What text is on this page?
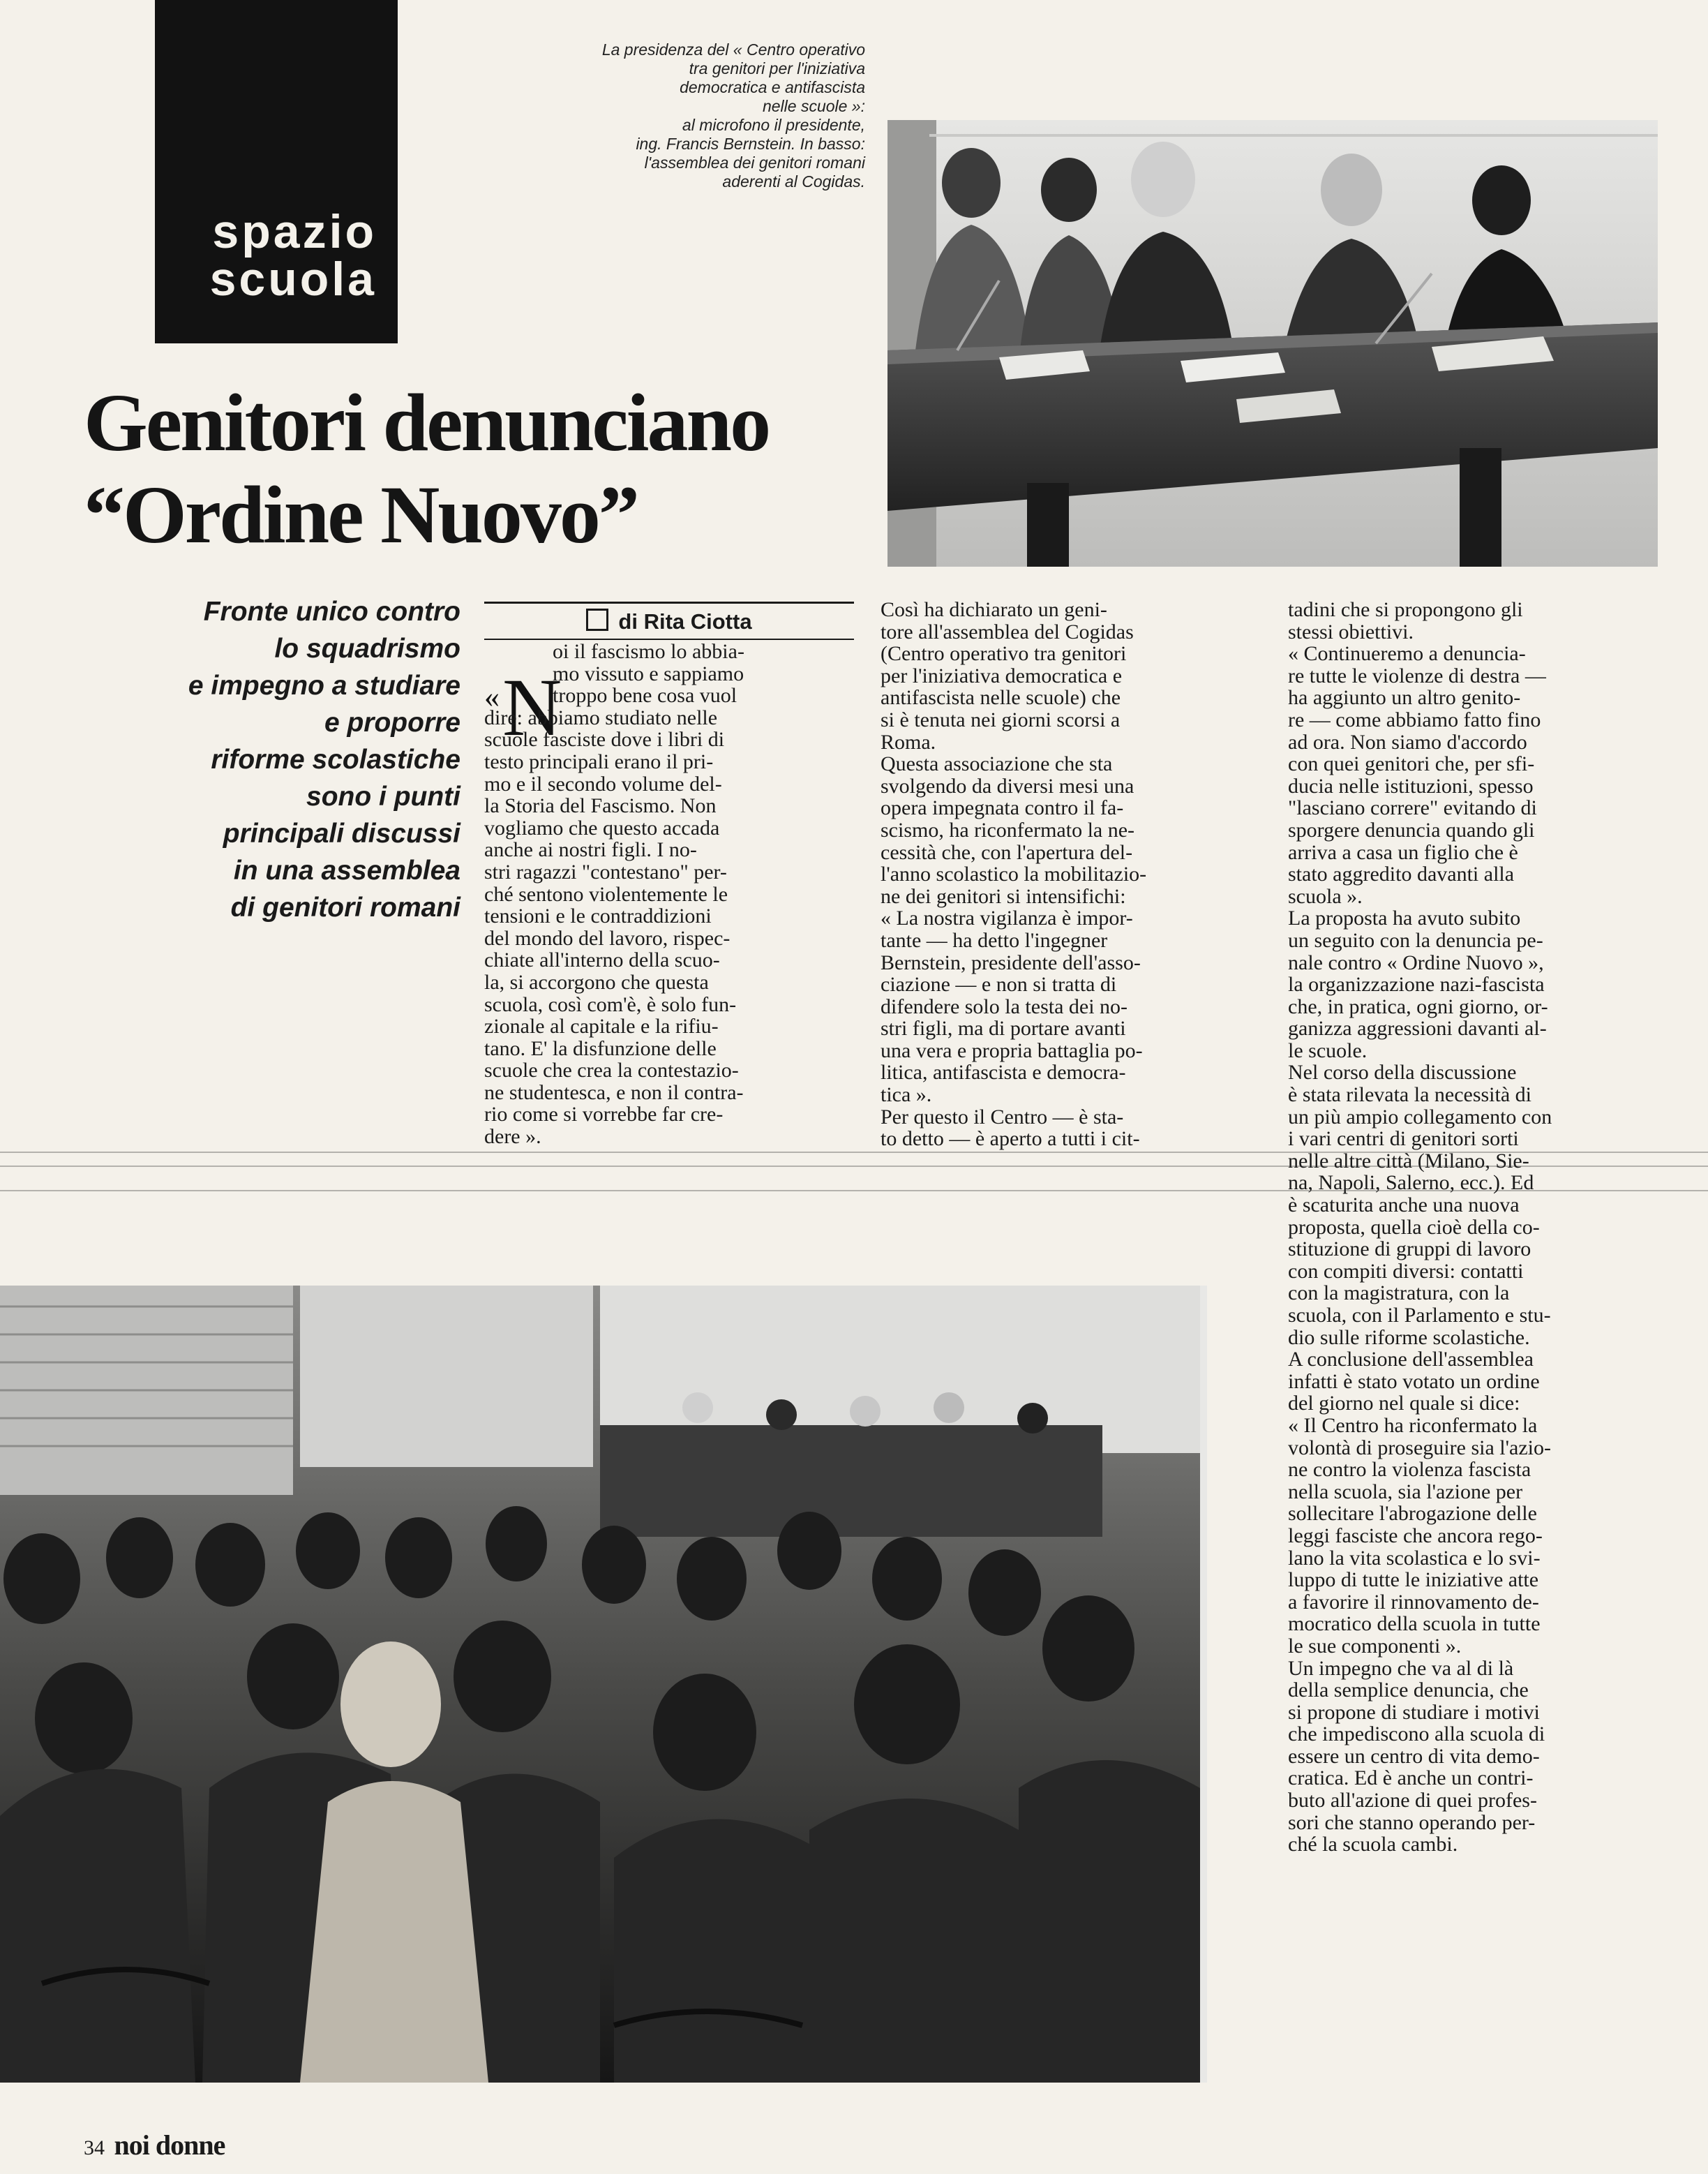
spazio
scuola
La presidenza del « Centro operativo
tra genitori per l'iniziativa
democratica e antifascista
nelle scuole »:
al microfono il presidente,
ing. Francis Bernstein. In basso:
l'assemblea dei genitori romani
aderenti al Cogidas.
Genitori denunciano
“Ordine Nuovo”
Fronte unico contro
lo squadrismo
e impegno a studiare
e proporre
riforme scolastiche
sono i punti
principali discussi
in una assemblea
di genitori romani
di Rita Ciotta
«N
oi il fascismo lo abbia-
mo vissuto e sappiamo
troppo bene cosa vuol
dire: abbiamo studiato nelle
scuole fasciste dove i libri di
testo principali erano il pri-
mo e il secondo volume del-
la Storia del Fascismo. Non
vogliamo che questo accada
anche ai nostri figli. I no-
stri ragazzi "contestano" per-
ché sentono violentemente le
tensioni e le contraddizioni
del mondo del lavoro, rispec-
chiate all'interno della scuo-
la, si accorgono che questa
scuola, così com'è, è solo fun-
zionale al capitale e la rifiu-
tano. E' la disfunzione delle
scuole che crea la contestazio-
ne studentesca, e non il contra-
rio come si vorrebbe far cre-
dere ».
Così ha dichiarato un geni-
tore all'assemblea del Cogidas
(Centro operativo tra genitori
per l'iniziativa democratica e
antifascista nelle scuole) che
si è tenuta nei giorni scorsi a
Roma.
Questa associazione che sta
svolgendo da diversi mesi una
opera impegnata contro il fa-
scismo, ha riconfermato la ne-
cessità che, con l'apertura del-
l'anno scolastico la mobilitazio-
ne dei genitori si intensifichi:
« La nostra vigilanza è impor-
tante — ha detto l'ingegner
Bernstein, presidente dell'asso-
ciazione — e non si tratta di
difendere solo la testa dei no-
stri figli, ma di portare avanti
una vera e propria battaglia po-
litica, antifascista e democra-
tica ».
Per questo il Centro — è sta-
to detto — è aperto a tutti i cit-
tadini che si propongono gli
stessi obiettivi.
« Continueremo a denuncia-
re tutte le violenze di destra —
ha aggiunto un altro genito-
re — come abbiamo fatto fino
ad ora. Non siamo d'accordo
con quei genitori che, per sfi-
ducia nelle istituzioni, spesso
"lasciano correre" evitando di
sporgere denuncia quando gli
arriva a casa un figlio che è
stato aggredito davanti alla
scuola ».
La proposta ha avuto subito
un seguito con la denuncia pe-
nale contro « Ordine Nuovo »,
la organizzazione nazi-fascista
che, in pratica, ogni giorno, or-
ganizza aggressioni davanti al-
le scuole.
Nel corso della discussione
è stata rilevata la necessità di
un più ampio collegamento con
i vari centri di genitori sorti
nelle altre città (Milano, Sie-
na, Napoli, Salerno, ecc.). Ed
è scaturita anche una nuova
proposta, quella cioè della co-
stituzione di gruppi di lavoro
con compiti diversi: contatti
con la magistratura, con la
scuola, con il Parlamento e stu-
dio sulle riforme scolastiche.
A conclusione dell'assemblea
infatti è stato votato un ordine
del giorno nel quale si dice:
« Il Centro ha riconfermato la
volontà di proseguire sia l'azio-
ne contro la violenza fascista
nella scuola, sia l'azione per
sollecitare l'abrogazione delle
leggi fasciste che ancora rego-
lano la vita scolastica e lo svi-
luppo di tutte le iniziative atte
a favorire il rinnovamento de-
mocratico della scuola in tutte
le sue componenti ».
Un impegno che va al di là
della semplice denuncia, che
si propone di studiare i motivi
che impediscono alla scuola di
essere un centro di vita demo-
cratica. Ed è anche un contri-
buto all'azione di quei profes-
sori che stanno operando per-
ché la scuola cambi.
34 noi donne
